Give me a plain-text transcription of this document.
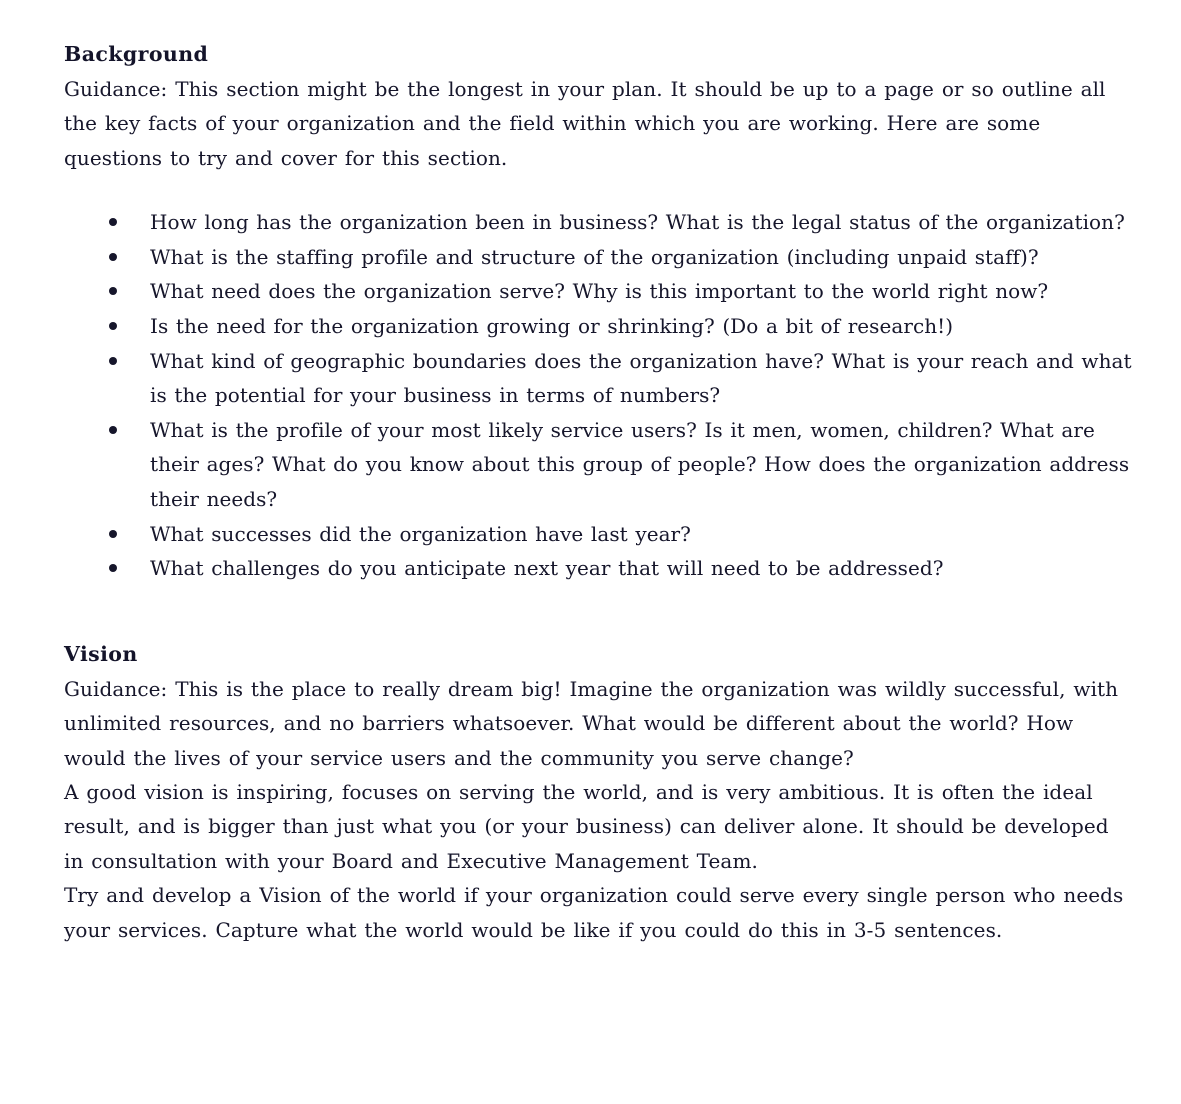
Background

Guidance: This section might be the longest in your plan. It should be up to a page or so outline all the key facts of your organization and the field within which you are working. Here are some questions to try and cover for this section.

How long has the organization been in business? What is the legal status of the organization?
What is the staffing profile and structure of the organization (including unpaid staff)?
What need does the organization serve? Why is this important to the world right now?
Is the need for the organization growing or shrinking? (Do a bit of research!)
What kind of geographic boundaries does the organization have? What is your reach and what is the potential for your business in terms of numbers?
What is the profile of your most likely service users? Is it men, women, children? What are their ages? What do you know about this group of people? How does the organization address their needs?
What successes did the organization have last year?
What challenges do you anticipate next year that will need to be addressed?
Vision

Guidance: This is the place to really dream big! Imagine the organization was wildly successful, with unlimited resources, and no barriers whatsoever. What would be different about the world? How would the lives of your service users and the community you serve change?

A good vision is inspiring, focuses on serving the world, and is very ambitious. It is often the ideal result, and is bigger than just what you (or your business) can deliver alone. It should be developed in consultation with your Board and Executive Management Team.

Try and develop a Vision of the world if your organization could serve every single person who needs your services. Capture what the world would be like if you could do this in 3-5 sentences.
